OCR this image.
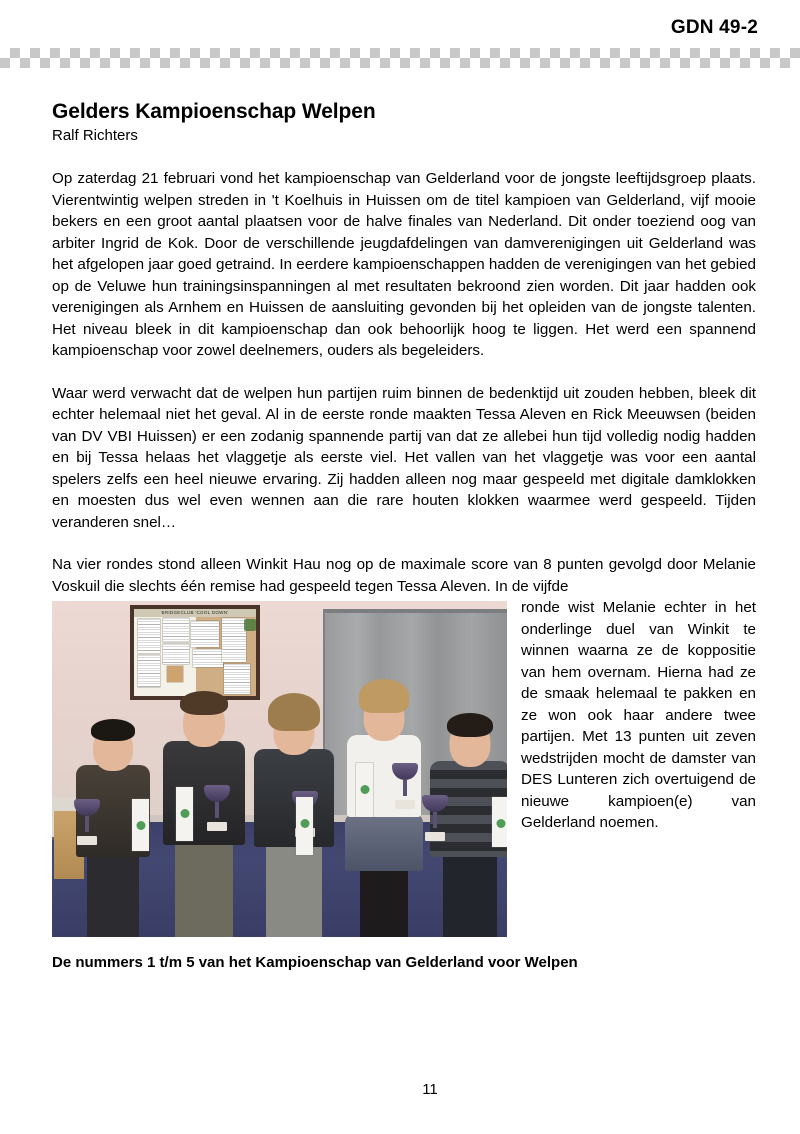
GDN 49-2
Gelders Kampioenschap Welpen
Ralf Richters

Op zaterdag 21 februari vond het kampioenschap van Gelderland voor de jongste leeftijdsgroep plaats. Vierentwintig welpen streden in 't Koelhuis in Huissen om de titel kampioen van Gelderland, vijf mooie bekers en een groot aantal plaatsen voor de halve finales van Nederland. Dit onder toeziend oog van arbiter Ingrid de Kok. Door de verschillende jeugdafdelingen van damverenigingen uit Gelderland was het afgelopen jaar goed getraind. In eerdere kampioenschappen hadden de verenigingen van het gebied op de Veluwe hun trainingsinspanningen al met resultaten bekroond zien worden. Dit jaar hadden ook verenigingen als Arnhem en Huissen de aansluiting gevonden bij het opleiden van de jongste talenten. Het niveau bleek in dit kampioenschap dan ook behoorlijk hoog te liggen. Het werd een spannend kampioenschap voor zowel deelnemers, ouders als begeleiders.

Waar werd verwacht dat de welpen hun partijen ruim binnen de bedenktijd uit zouden hebben, bleek dit echter helemaal niet het geval. Al in de eerste ronde maakten Tessa Aleven en Rick Meeuwsen (beiden van DV VBI Huissen) er een zodanig spannende partij van dat ze allebei hun tijd volledig nodig hadden en bij Tessa helaas het vlaggetje als eerste viel. Het vallen van het vlaggetje was voor een aantal spelers zelfs een heel nieuwe ervaring. Zij hadden alleen nog maar gespeeld met digitale damklokken en moesten dus wel even wennen aan die rare houten klokken waarmee werd gespeeld. Tijden veranderen snel…

Na vier rondes stond alleen Winkit Hau nog op de maximale score van 8 punten gevolgd door Melanie Voskuil die slechts één remise had gespeeld tegen Tessa Aleven. In de vijfde

BRIDGECLUB 'COOL DOWN'	ronde wist Melanie echter in het onderlinge duel van Winkit te winnen waarna ze de koppositie van hem overnam. Hierna had ze de smaak helemaal te pakken en ze won ook haar andere twee partijen. Met 13 punten uit zeven wedstrijden mocht de damster van DES Lunteren zich overtuigend de nieuwe kampioen(e) van Gelderland noemen.

De nummers 1 t/m 5 van het Kampioenschap van Gelderland voor Welpen

11
